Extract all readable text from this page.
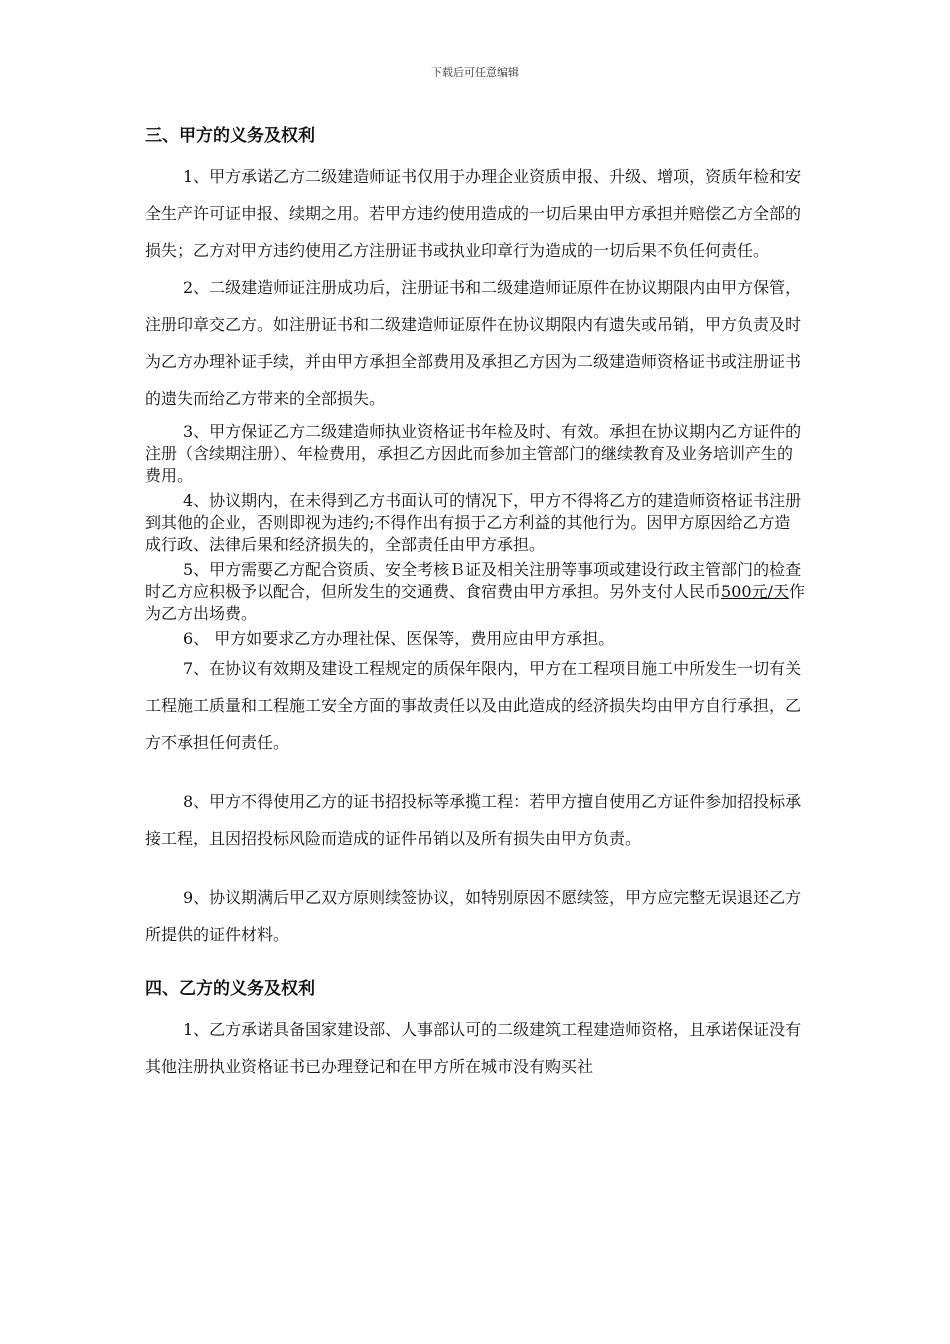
下载后可任意编辑
三、甲方的义务及权利

1、甲方承诺乙方二级建造师证书仅用于办理企业资质申报、升级、增项，资质年检和安全生产许可证申报、续期之用。若甲方违约使用造成的一切后果由甲方承担并赔偿乙方全部的损失；乙方对甲方违约使用乙方注册证书或执业印章行为造成的一切后果不负任何责任。

2、二级建造师证注册成功后，注册证书和二级建造师证原件在协议期限内由甲方保管，注册印章交乙方。如注册证书和二级建造师证原件在协议期限内有遗失或吊销，甲方负责及时为乙方办理补证手续，并由甲方承担全部费用及承担乙方因为二级建造师资格证书或注册证书的遗失而给乙方带来的全部损失。

3、甲方保证乙方二级建造师执业资格证书年检及时、有效。承担在协议期内乙方证件的注册（含续期注册）、年检费用，承担乙方因此而参加主管部门的继续教育及业务培训产生的费用。

4、协议期内，在未得到乙方书面认可的情况下，甲方不得将乙方的建造师资格证书注册到其他的企业，否则即视为违约;不得作出有损于乙方利益的其他行为。因甲方原因给乙方造成行政、法律后果和经济损失的，全部责任由甲方承担。

5、甲方需要乙方配合资质、安全考核Ｂ证及相关注册等事项或建设行政主管部门的检查时乙方应积极予以配合，但所发生的交通费、食宿费由甲方承担。另外支付人民币500元/天作为乙方出场费。

6、 甲方如要求乙方办理社保、医保等，费用应由甲方承担。

7、在协议有效期及建设工程规定的质保年限内，甲方在工程项目施工中所发生一切有关工程施工质量和工程施工安全方面的事故责任以及由此造成的经济损失均由甲方自行承担，乙方不承担任何责任。

8、甲方不得使用乙方的证书招投标等承揽工程：若甲方擅自使用乙方证件参加招投标承接工程，且因招投标风险而造成的证件吊销以及所有损失由甲方负责。

9、协议期满后甲乙双方原则续签协议，如特别原因不愿续签，甲方应完整无误退还乙方所提供的证件材料。

四、乙方的义务及权利

1、乙方承诺具备国家建设部、人事部认可的二级建筑工程建造师资格，且承诺保证没有其他注册执业资格证书已办理登记和在甲方所在城市没有购买社
